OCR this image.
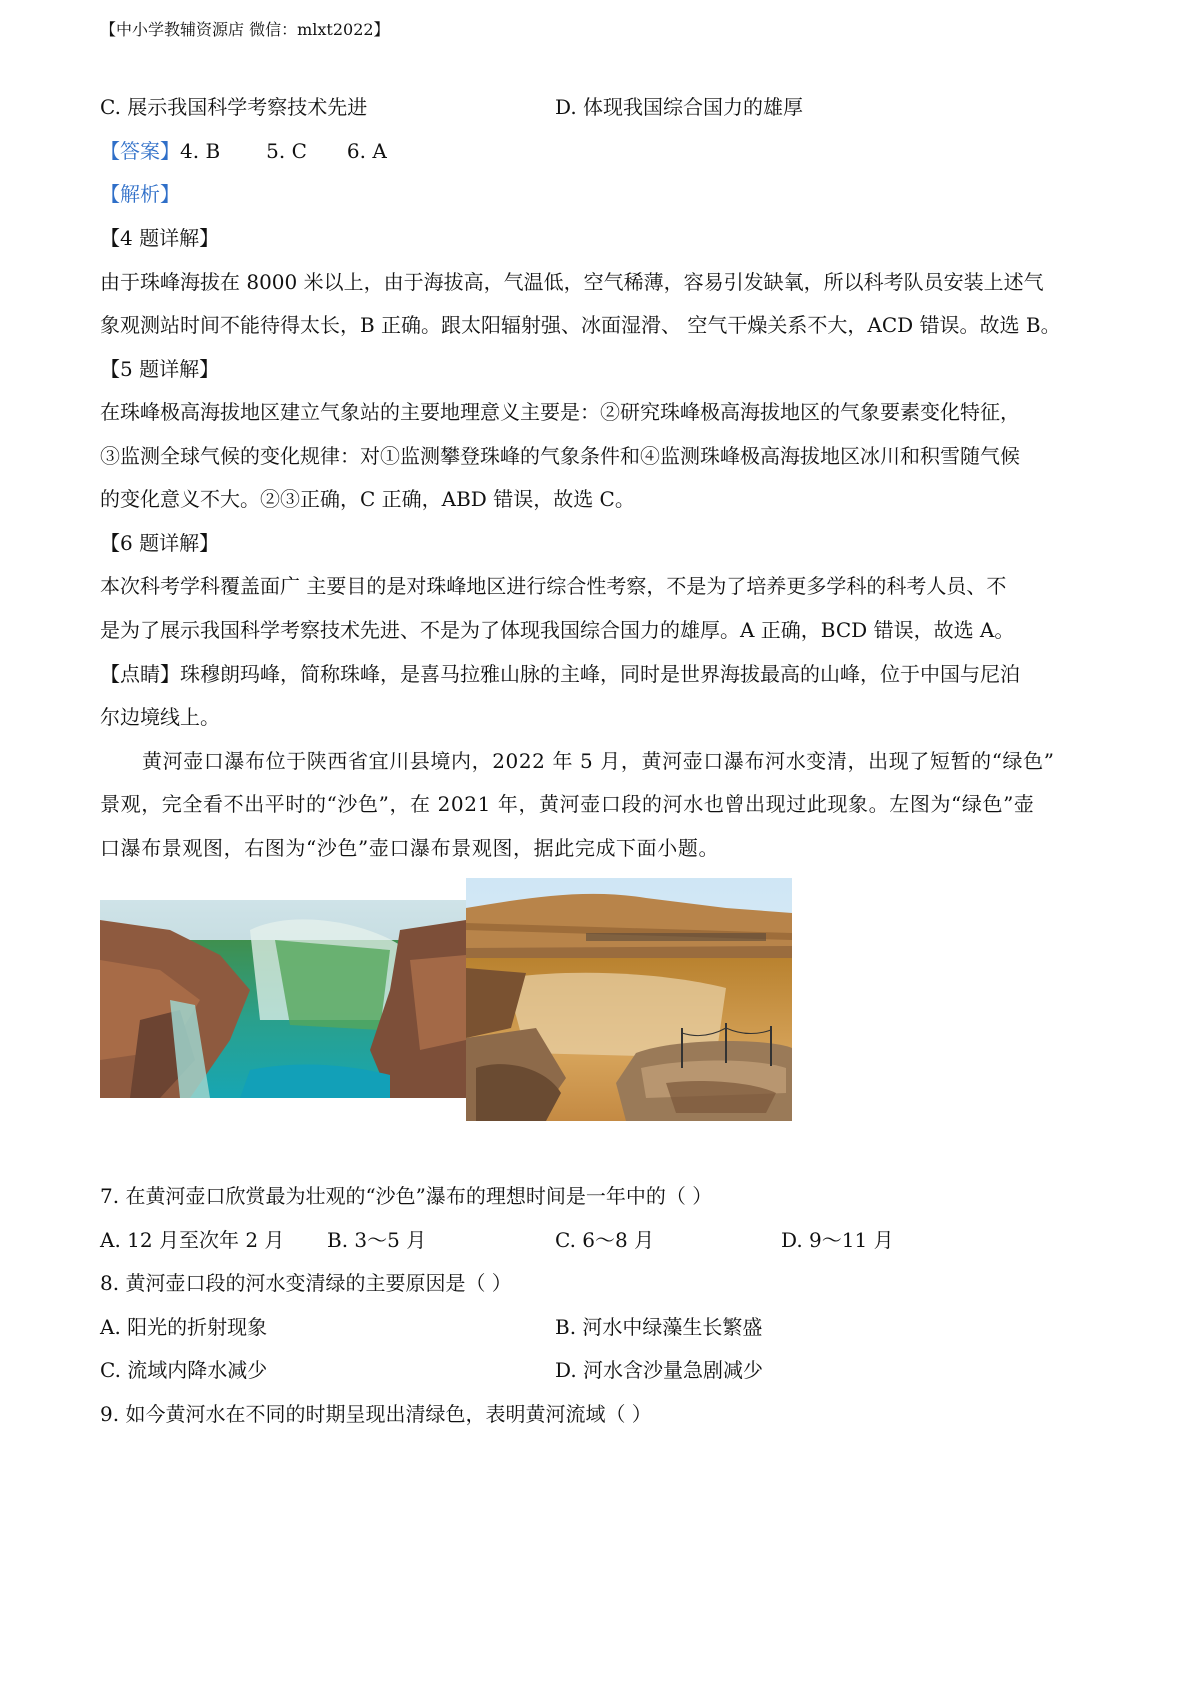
【中小学教辅资源店 微信：mlxt2022】
C. 展示我国科学考察技术先进	D. 体现我国综合国力的雄厚
【答案】4. B 5. C 6. A
【解析】
【4 题详解】
由于珠峰海拔在 8000 米以上，由于海拔高，气温低，空气稀薄，容易引发缺氧，所以科考队员安装上述气
象观测站时间不能待得太长，B 正确。跟太阳辐射强、冰面湿滑、 空气干燥关系不大，ACD 错误。故选 B。
【5 题详解】
在珠峰极高海拔地区建立气象站的主要地理意义主要是：②研究珠峰极高海拔地区的气象要素变化特征，
③监测全球气候的变化规律：对①监测攀登珠峰的气象条件和④监测珠峰极高海拔地区冰川和积雪随气候
的变化意义不大。②③正确，C 正确，ABD 错误，故选 C。
【6 题详解】
本次科考学科覆盖面广 主要目的是对珠峰地区进行综合性考察，不是为了培养更多学科的科考人员、不
是为了展示我国科学考察技术先进、不是为了体现我国综合国力的雄厚。A 正确，BCD 错误，故选 A。
【点睛】珠穆朗玛峰，简称珠峰，是喜马拉雅山脉的主峰，同时是世界海拔最高的山峰，位于中国与尼泊
尔边境线上。
黄河壶口瀑布位于陕西省宜川县境内，2022 年 5 月，黄河壶口瀑布河水变清，出现了短暂的“绿色”
景观，完全看不出平时的“沙色”，在 2021 年，黄河壶口段的河水也曾出现过此现象。左图为“绿色”壶
口瀑布景观图，右图为“沙色”壶口瀑布景观图，据此完成下面小题。
7. 在黄河壶口欣赏最为壮观的“沙色”瀑布的理想时间是一年中的（ ）
A. 12 月至次年 2 月 B. 3～5 月	C. 6～8 月	D. 9～11 月
8. 黄河壶口段的河水变清绿的主要原因是（ ）
A. 阳光的折射现象	B. 河水中绿藻生长繁盛
C. 流域内降水减少	D. 河水含沙量急剧减少
9. 如今黄河水在不同的时期呈现出清绿色，表明黄河流域（ ）
